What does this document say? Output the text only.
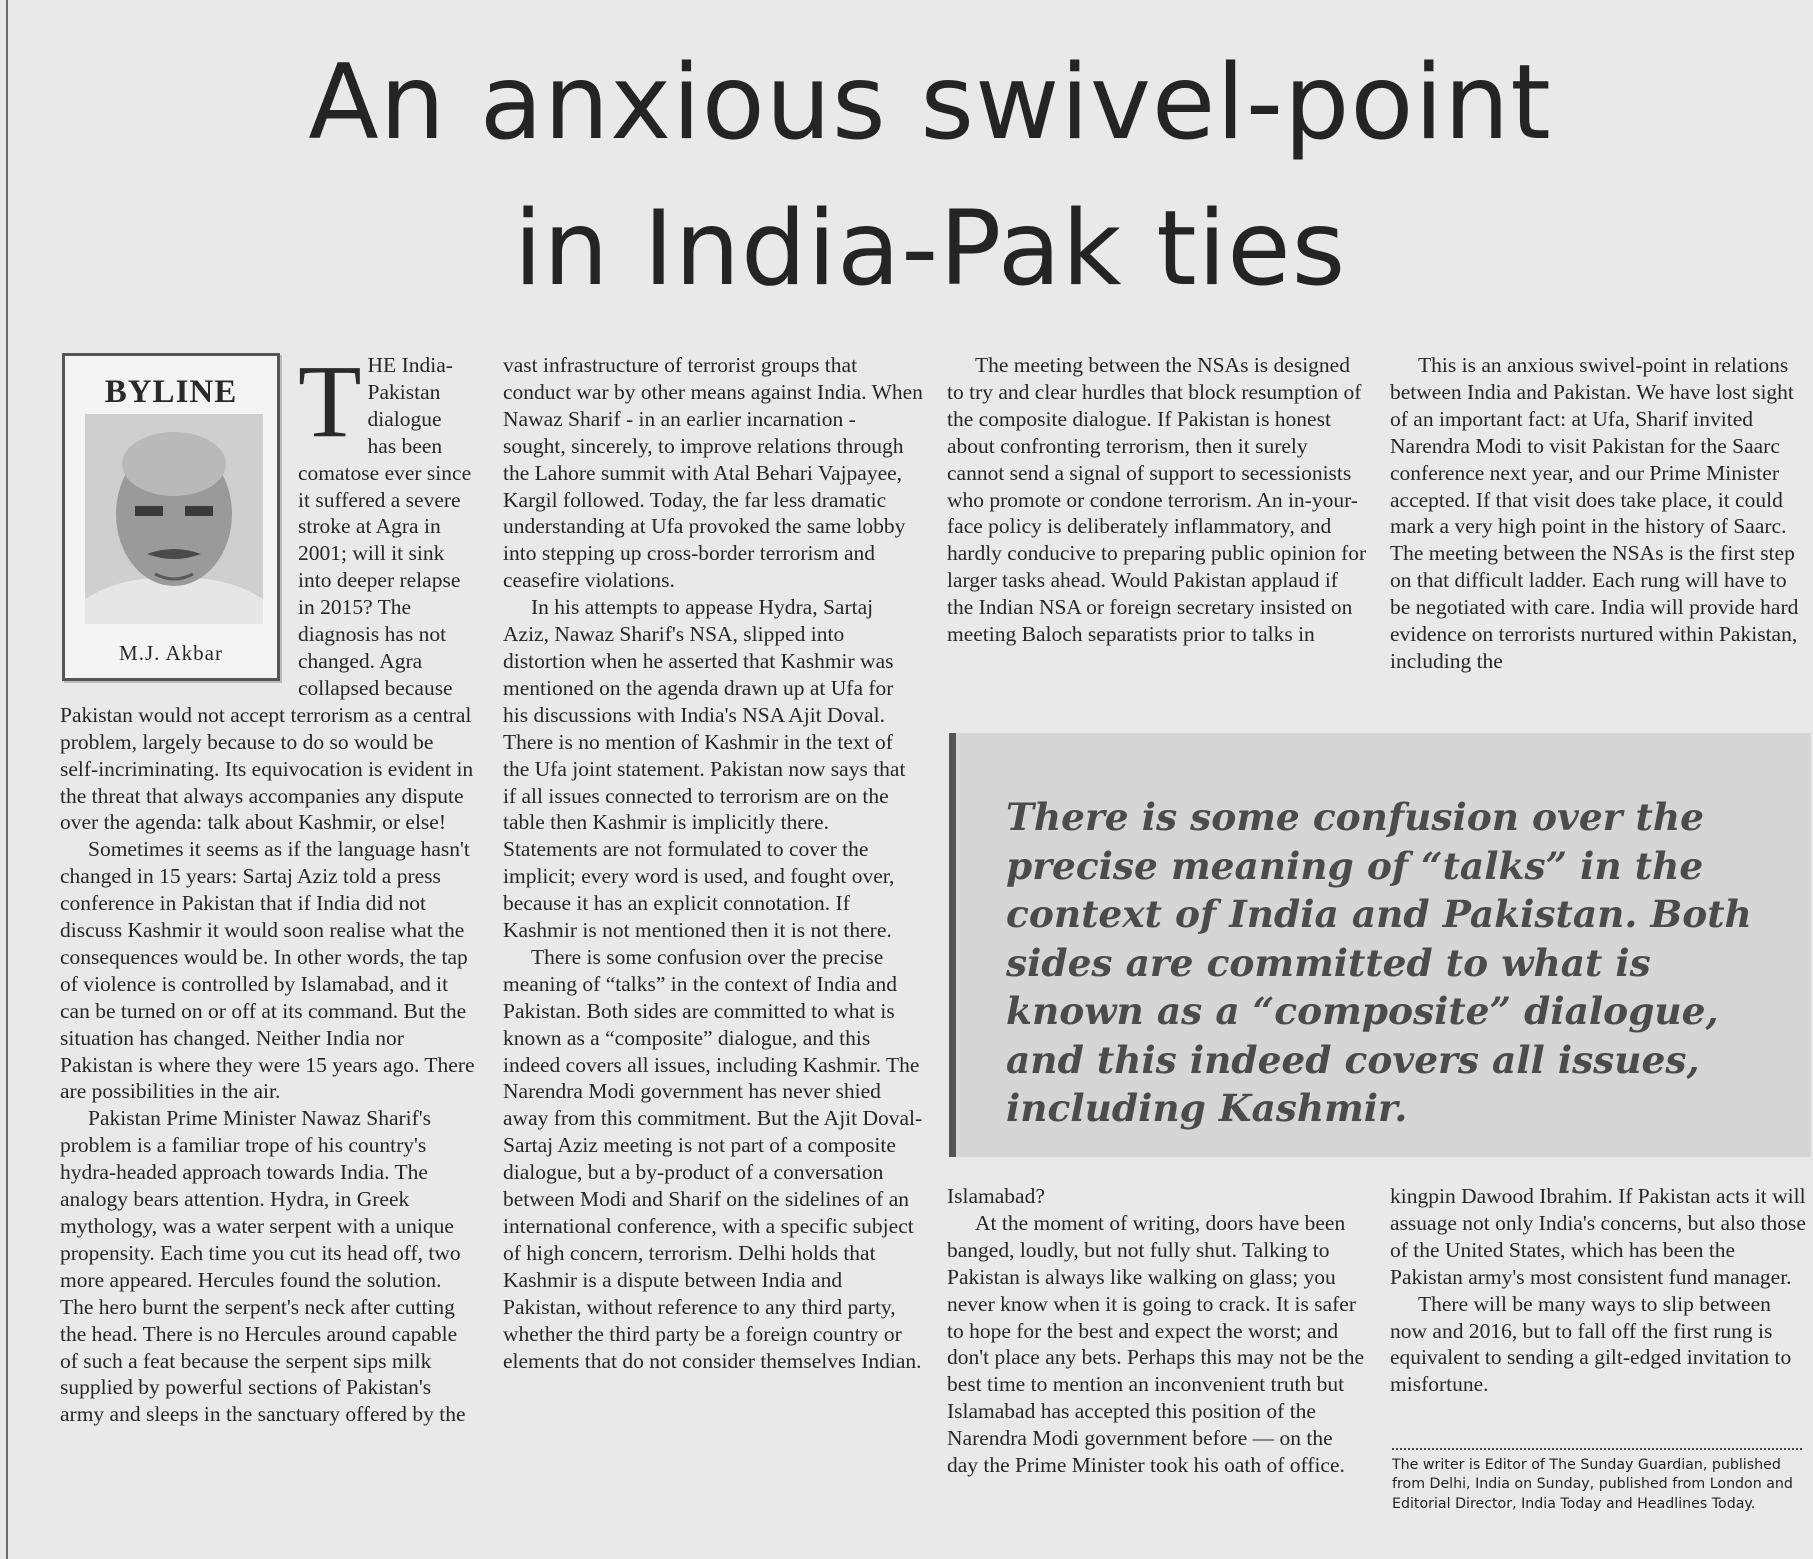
An anxious swivel-point
in India-Pak ties

THE India-Pakistan dialogue has been comatose ever since it suffered a severe stroke at Agra in 2001; will it sink into deeper relapse in 2015? The diagnosis has not changed. Agra collapsed because Pakistan would not accept terrorism as a central problem, largely because to do so would be self-incriminating. Its equivocation is evident in the threat that always accompanies any dispute over the agenda: talk about Kashmir, or else!

Sometimes it seems as if the language hasn't changed in 15 years: Sartaj Aziz told a press conference in Pakistan that if India did not discuss Kashmir it would soon realise what the consequences would be. In other words, the tap of violence is controlled by Islamabad, and it can be turned on or off at its command. But the situation has changed. Neither India nor Pakistan is where they were 15 years ago. There are possibilities in the air.

Pakistan Prime Minister Nawaz Sharif's problem is a familiar trope of his country's hydra-headed approach towards India. The analogy bears attention. Hydra, in Greek mythology, was a water serpent with a unique propensity. Each time you cut its head off, two more appeared. Hercules found the solution. The hero burnt the serpent's neck after cutting the head. There is no Hercules around capable of such a feat because the serpent sips milk supplied by powerful sections of Pakistan's army and sleeps in the sanctuary offered by the

BYLINE
M.J. Akbar

vast infrastructure of terrorist groups that conduct war by other means against India. When Nawaz Sharif - in an earlier incarnation - sought, sincerely, to improve relations through the Lahore summit with Atal Behari Vajpayee, Kargil followed. Today, the far less dramatic understanding at Ufa provoked the same lobby into stepping up cross-border terrorism and ceasefire violations.

In his attempts to appease Hydra, Sartaj Aziz, Nawaz Sharif's NSA, slipped into distortion when he asserted that Kashmir was mentioned on the agenda drawn up at Ufa for his discussions with India's NSA Ajit Doval. There is no mention of Kashmir in the text of the Ufa joint statement. Pakistan now says that if all issues connected to terrorism are on the table then Kashmir is implicitly there. Statements are not formulated to cover the implicit; every word is used, and fought over, because it has an explicit connotation. If Kashmir is not mentioned then it is not there.

There is some confusion over the precise meaning of “talks” in the context of India and Pakistan. Both sides are committed to what is known as a “composite” dialogue, and this indeed covers all issues, including Kashmir. The Narendra Modi government has never shied away from this commitment. But the Ajit Doval-Sartaj Aziz meeting is not part of a composite dialogue, but a by-product of a conversation between Modi and Sharif on the sidelines of an international conference, with a specific subject of high concern, terrorism. Delhi holds that Kashmir is a dispute between India and Pakistan, without reference to any third party, whether the third party be a foreign country or elements that do not consider themselves Indian.

The meeting between the NSAs is designed to try and clear hurdles that block resumption of the composite dialogue. If Pakistan is honest about confronting terrorism, then it surely cannot send a signal of support to secessionists who promote or condone terrorism. An in-your-face policy is deliberately inflammatory, and hardly conducive to preparing public opinion for larger tasks ahead. Would Pakistan applaud if the Indian NSA or foreign secretary insisted on meeting Baloch separatists prior to talks in

This is an anxious swivel-point in relations between India and Pakistan. We have lost sight of an important fact: at Ufa, Sharif invited Narendra Modi to visit Pakistan for the Saarc conference next year, and our Prime Minister accepted. If that visit does take place, it could mark a very high point in the history of Saarc. The meeting between the NSAs is the first step on that difficult ladder. Each rung will have to be negotiated with care. India will provide hard evidence on terrorists nurtured within Pakistan, including the

There is some confusion over the precise meaning of “talks” in the context of India and Pakistan. Both sides are committed to what is known as a “composite” dialogue, and this indeed covers all issues, including Kashmir.

Islamabad?

At the moment of writing, doors have been banged, loudly, but not fully shut. Talking to Pakistan is always like walking on glass; you never know when it is going to crack. It is safer to hope for the best and expect the worst; and don't place any bets. Perhaps this may not be the best time to mention an inconvenient truth but Islamabad has accepted this position of the Narendra Modi government before — on the day the Prime Minister took his oath of office.

kingpin Dawood Ibrahim. If Pakistan acts it will assuage not only India's concerns, but also those of the United States, which has been the Pakistan army's most consistent fund manager.

There will be many ways to slip between now and 2016, but to fall off the first rung is equivalent to sending a gilt-edged invitation to misfortune.

The writer is Editor of The Sunday Guardian, published from Delhi, India on Sunday, published from London and Editorial Director, India Today and Headlines Today.
